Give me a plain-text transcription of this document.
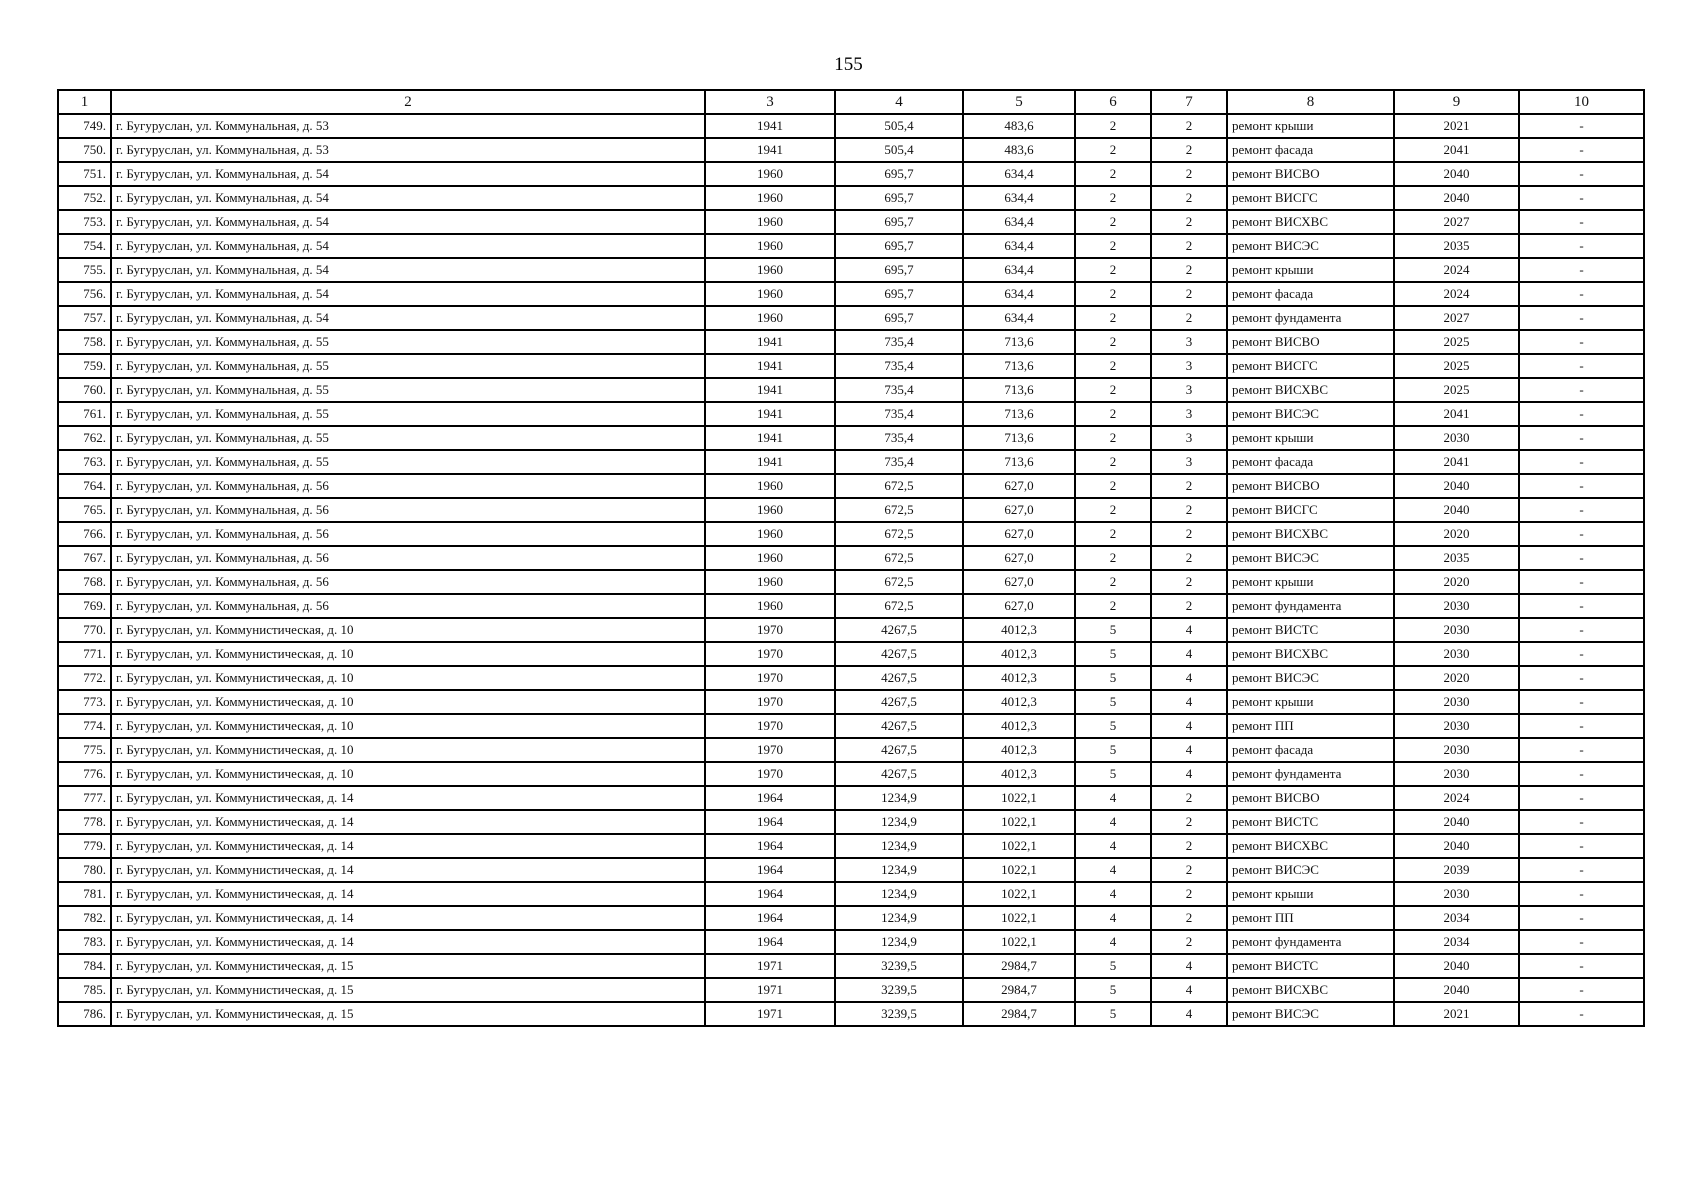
155
1	2	3	4	5	6	7	8	9	10
749.	г. Бугуруслан, ул. Коммунальная, д. 53	1941	505,4	483,6	2	2	ремонт крыши	2021	-
750.	г. Бугуруслан, ул. Коммунальная, д. 53	1941	505,4	483,6	2	2	ремонт фасада	2041	-
751.	г. Бугуруслан, ул. Коммунальная, д. 54	1960	695,7	634,4	2	2	ремонт ВИСВО	2040	-
752.	г. Бугуруслан, ул. Коммунальная, д. 54	1960	695,7	634,4	2	2	ремонт ВИСГС	2040	-
753.	г. Бугуруслан, ул. Коммунальная, д. 54	1960	695,7	634,4	2	2	ремонт ВИСХВС	2027	-
754.	г. Бугуруслан, ул. Коммунальная, д. 54	1960	695,7	634,4	2	2	ремонт ВИСЭС	2035	-
755.	г. Бугуруслан, ул. Коммунальная, д. 54	1960	695,7	634,4	2	2	ремонт крыши	2024	-
756.	г. Бугуруслан, ул. Коммунальная, д. 54	1960	695,7	634,4	2	2	ремонт фасада	2024	-
757.	г. Бугуруслан, ул. Коммунальная, д. 54	1960	695,7	634,4	2	2	ремонт фундамента	2027	-
758.	г. Бугуруслан, ул. Коммунальная, д. 55	1941	735,4	713,6	2	3	ремонт ВИСВО	2025	-
759.	г. Бугуруслан, ул. Коммунальная, д. 55	1941	735,4	713,6	2	3	ремонт ВИСГС	2025	-
760.	г. Бугуруслан, ул. Коммунальная, д. 55	1941	735,4	713,6	2	3	ремонт ВИСХВС	2025	-
761.	г. Бугуруслан, ул. Коммунальная, д. 55	1941	735,4	713,6	2	3	ремонт ВИСЭС	2041	-
762.	г. Бугуруслан, ул. Коммунальная, д. 55	1941	735,4	713,6	2	3	ремонт крыши	2030	-
763.	г. Бугуруслан, ул. Коммунальная, д. 55	1941	735,4	713,6	2	3	ремонт фасада	2041	-
764.	г. Бугуруслан, ул. Коммунальная, д. 56	1960	672,5	627,0	2	2	ремонт ВИСВО	2040	-
765.	г. Бугуруслан, ул. Коммунальная, д. 56	1960	672,5	627,0	2	2	ремонт ВИСГС	2040	-
766.	г. Бугуруслан, ул. Коммунальная, д. 56	1960	672,5	627,0	2	2	ремонт ВИСХВС	2020	-
767.	г. Бугуруслан, ул. Коммунальная, д. 56	1960	672,5	627,0	2	2	ремонт ВИСЭС	2035	-
768.	г. Бугуруслан, ул. Коммунальная, д. 56	1960	672,5	627,0	2	2	ремонт крыши	2020	-
769.	г. Бугуруслан, ул. Коммунальная, д. 56	1960	672,5	627,0	2	2	ремонт фундамента	2030	-
770.	г. Бугуруслан, ул. Коммунистическая, д. 10	1970	4267,5	4012,3	5	4	ремонт ВИСТС	2030	-
771.	г. Бугуруслан, ул. Коммунистическая, д. 10	1970	4267,5	4012,3	5	4	ремонт ВИСХВС	2030	-
772.	г. Бугуруслан, ул. Коммунистическая, д. 10	1970	4267,5	4012,3	5	4	ремонт ВИСЭС	2020	-
773.	г. Бугуруслан, ул. Коммунистическая, д. 10	1970	4267,5	4012,3	5	4	ремонт крыши	2030	-
774.	г. Бугуруслан, ул. Коммунистическая, д. 10	1970	4267,5	4012,3	5	4	ремонт ПП	2030	-
775.	г. Бугуруслан, ул. Коммунистическая, д. 10	1970	4267,5	4012,3	5	4	ремонт фасада	2030	-
776.	г. Бугуруслан, ул. Коммунистическая, д. 10	1970	4267,5	4012,3	5	4	ремонт фундамента	2030	-
777.	г. Бугуруслан, ул. Коммунистическая, д. 14	1964	1234,9	1022,1	4	2	ремонт ВИСВО	2024	-
778.	г. Бугуруслан, ул. Коммунистическая, д. 14	1964	1234,9	1022,1	4	2	ремонт ВИСТС	2040	-
779.	г. Бугуруслан, ул. Коммунистическая, д. 14	1964	1234,9	1022,1	4	2	ремонт ВИСХВС	2040	-
780.	г. Бугуруслан, ул. Коммунистическая, д. 14	1964	1234,9	1022,1	4	2	ремонт ВИСЭС	2039	-
781.	г. Бугуруслан, ул. Коммунистическая, д. 14	1964	1234,9	1022,1	4	2	ремонт крыши	2030	-
782.	г. Бугуруслан, ул. Коммунистическая, д. 14	1964	1234,9	1022,1	4	2	ремонт ПП	2034	-
783.	г. Бугуруслан, ул. Коммунистическая, д. 14	1964	1234,9	1022,1	4	2	ремонт фундамента	2034	-
784.	г. Бугуруслан, ул. Коммунистическая, д. 15	1971	3239,5	2984,7	5	4	ремонт ВИСТС	2040	-
785.	г. Бугуруслан, ул. Коммунистическая, д. 15	1971	3239,5	2984,7	5	4	ремонт ВИСХВС	2040	-
786.	г. Бугуруслан, ул. Коммунистическая, д. 15	1971	3239,5	2984,7	5	4	ремонт ВИСЭС	2021	-
